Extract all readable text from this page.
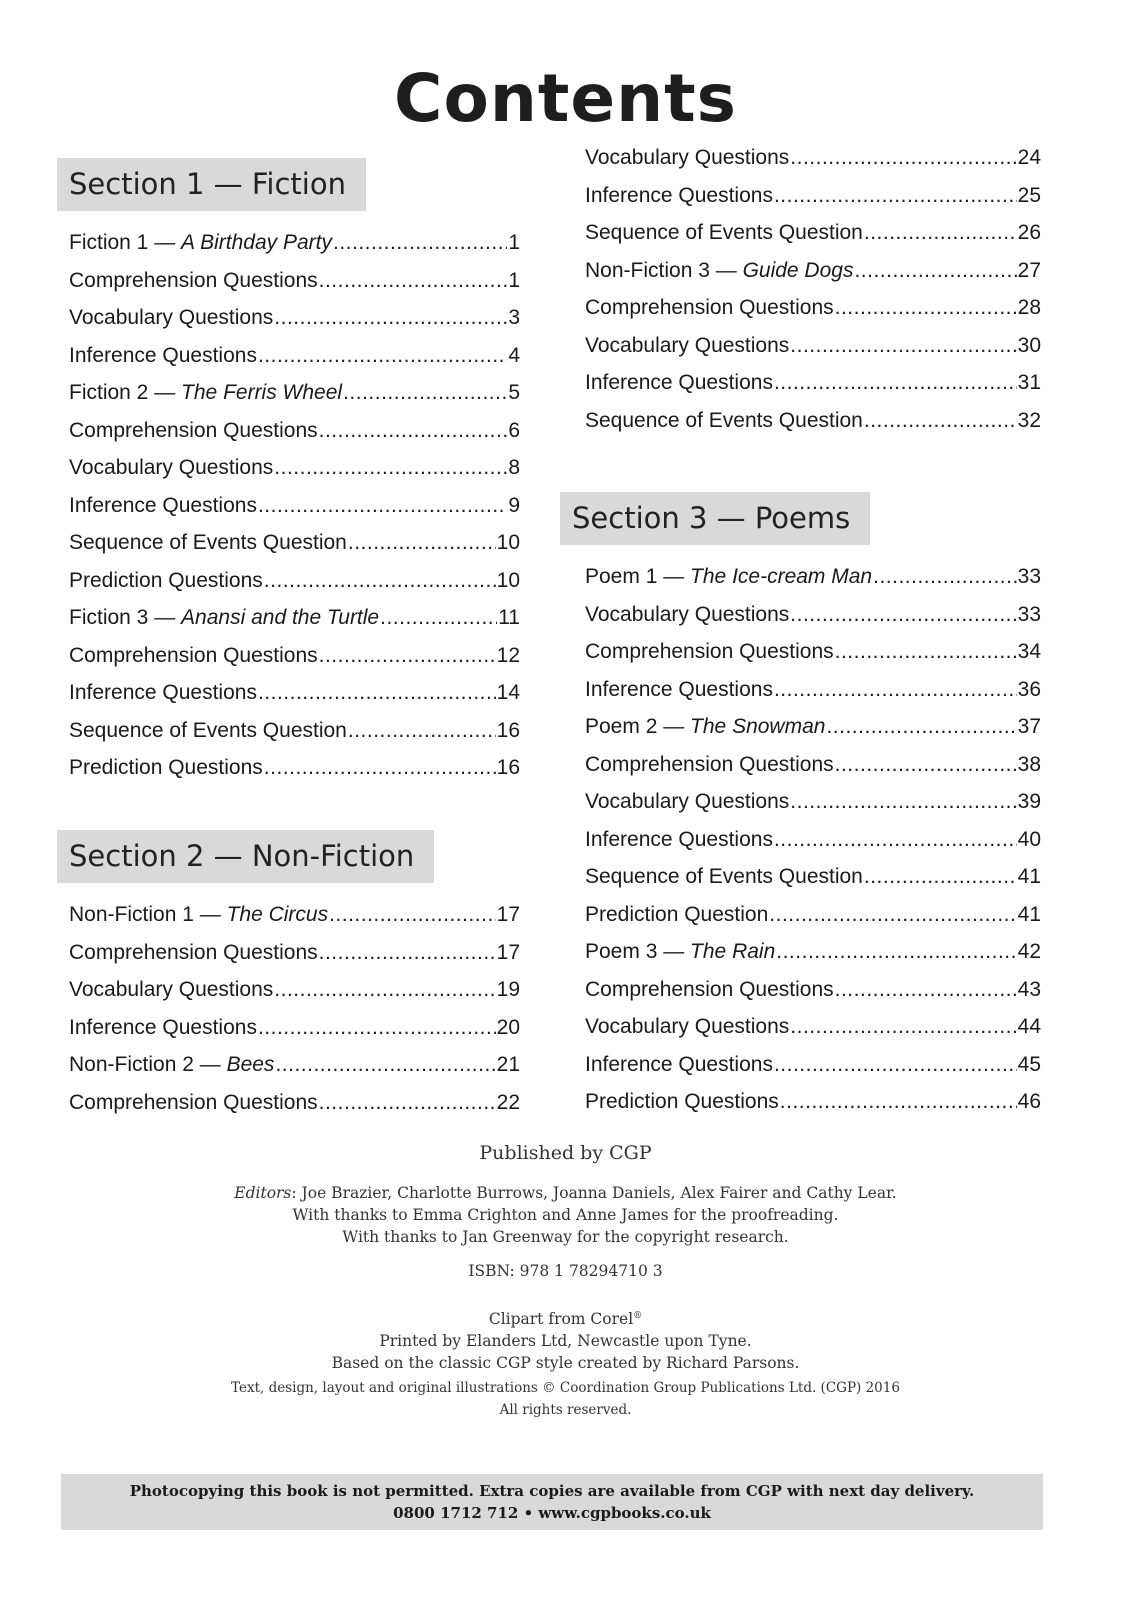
Contents
Section 1 — Fiction
Fiction 1 — A Birthday Party .....	1
Comprehension Questions .....	1
Vocabulary Questions .....	3
Inference Questions .....	4
Fiction 2 — The Ferris Wheel .....	5
Comprehension Questions .....	6
Vocabulary Questions .....	8
Inference Questions .....	9
Sequence of Events Question .....	10
Prediction Questions .....	10
Fiction 3 — Anansi and the Turtle .....	11
Comprehension Questions .....	12
Inference Questions .....	14
Sequence of Events Question .....	16
Prediction Questions .....	16
Section 2 — Non-Fiction
Non-Fiction 1 — The Circus .....	17
Comprehension Questions .....	17
Vocabulary Questions .....	19
Inference Questions .....	20
Non-Fiction 2 — Bees .....	21
Comprehension Questions .....	22
Vocabulary Questions .....	24
Inference Questions .....	25
Sequence of Events Question .....	26
Non-Fiction 3 — Guide Dogs .....	27
Comprehension Questions .....	28
Vocabulary Questions .....	30
Inference Questions .....	31
Sequence of Events Question .....	32
Section 3 — Poems
Poem 1 — The Ice-cream Man .....	33
Vocabulary Questions .....	33
Comprehension Questions .....	34
Inference Questions .....	36
Poem 2 — The Snowman .....	37
Comprehension Questions .....	38
Vocabulary Questions .....	39
Inference Questions .....	40
Sequence of Events Question .....	41
Prediction Question .....	41
Poem 3 — The Rain .....	42
Comprehension Questions .....	43
Vocabulary Questions .....	44
Inference Questions .....	45
Prediction Questions .....	46
Published by CGP

Editors: Joe Brazier, Charlotte Burrows, Joanna Daniels, Alex Fairer and Cathy Lear.

With thanks to Emma Crighton and Anne James for the proofreading.

With thanks to Jan Greenway for the copyright research.

ISBN: 978 1 78294710 3

Clipart from Corel®

Printed by Elanders Ltd, Newcastle upon Tyne.

Based on the classic CGP style created by Richard Parsons.

Text, design, layout and original illustrations © Coordination Group Publications Ltd. (CGP) 2016

All rights reserved.

Photocopying this book is not permitted. Extra copies are available from CGP with next day delivery.
0800 1712 712 • www.cgpbooks.co.uk
